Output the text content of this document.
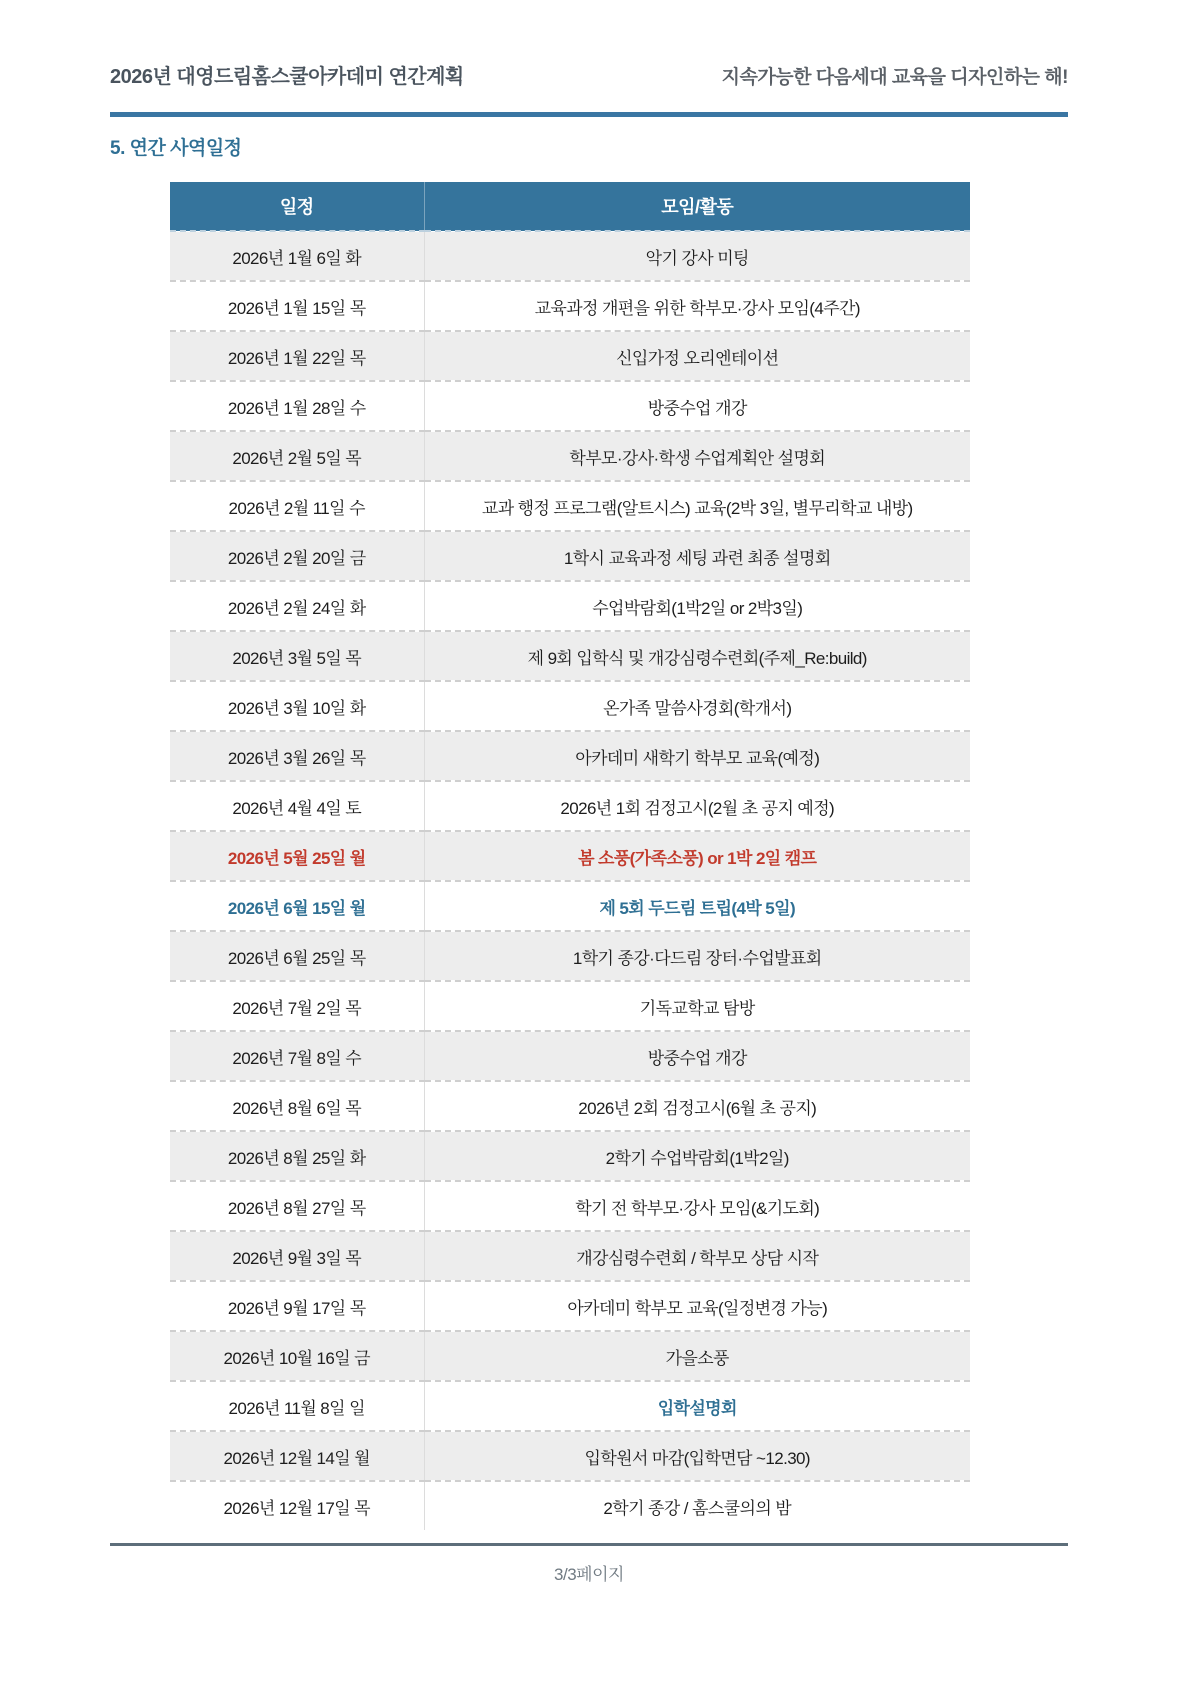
2026년 대영드림홈스쿨아카데미 연간계획	지속가능한 다음세대 교육을 디자인하는 해!
5. 연간 사역일정
일정	모임/활동
2026년 1월 6일 화	악기 강사 미팅
2026년 1월 15일 목	교육과정 개편을 위한 학부모·강사 모임(4주간)
2026년 1월 22일 목	신입가정 오리엔테이션
2026년 1월 28일 수	방중수업 개강
2026년 2월 5일 목	학부모·강사·학생 수업계획안 설명회
2026년 2월 11일 수	교과 행정 프로그램(알트시스) 교육(2박 3일, 별무리학교 내방)
2026년 2월 20일 금	1학시 교육과정 세팅 과련 최종 설명회
2026년 2월 24일 화	수업박람회(1박2일 or 2박3일)
2026년 3월 5일 목	제 9회 입학식 및 개강심령수련회(주제_Re:build)
2026년 3월 10일 화	온가족 말씀사경회(학개서)
2026년 3월 26일 목	아카데미 새학기 학부모 교육(예정)
2026년 4월 4일 토	2026년 1회 검정고시(2월 초 공지 예정)
2026년 5월 25일 월	봄 소풍(가족소풍) or 1박 2일 캠프
2026년 6월 15일 월	제 5회 두드림 트립(4박 5일)
2026년 6월 25일 목	1학기 종강·다드림 장터·수업발표회
2026년 7월 2일 목	기독교학교 탐방
2026년 7월 8일 수	방중수업 개강
2026년 8월 6일 목	2026년 2회 검정고시(6월 초 공지)
2026년 8월 25일 화	2학기 수업박람회(1박2일)
2026년 8월 27일 목	학기 전 학부모·강사 모임(&기도회)
2026년 9월 3일 목	개강심령수련회 / 학부모 상담 시작
2026년 9월 17일 목	아카데미 학부모 교육(일정변경 가능)
2026년 10월 16일 금	가을소풍
2026년 11월 8일 일	입학설명회
2026년 12월 14일 월	입학원서 마감(입학면담 ~12.30)
2026년 12월 17일 목	2학기 종강 / 홈스쿨의의 밤
3/3페이지
